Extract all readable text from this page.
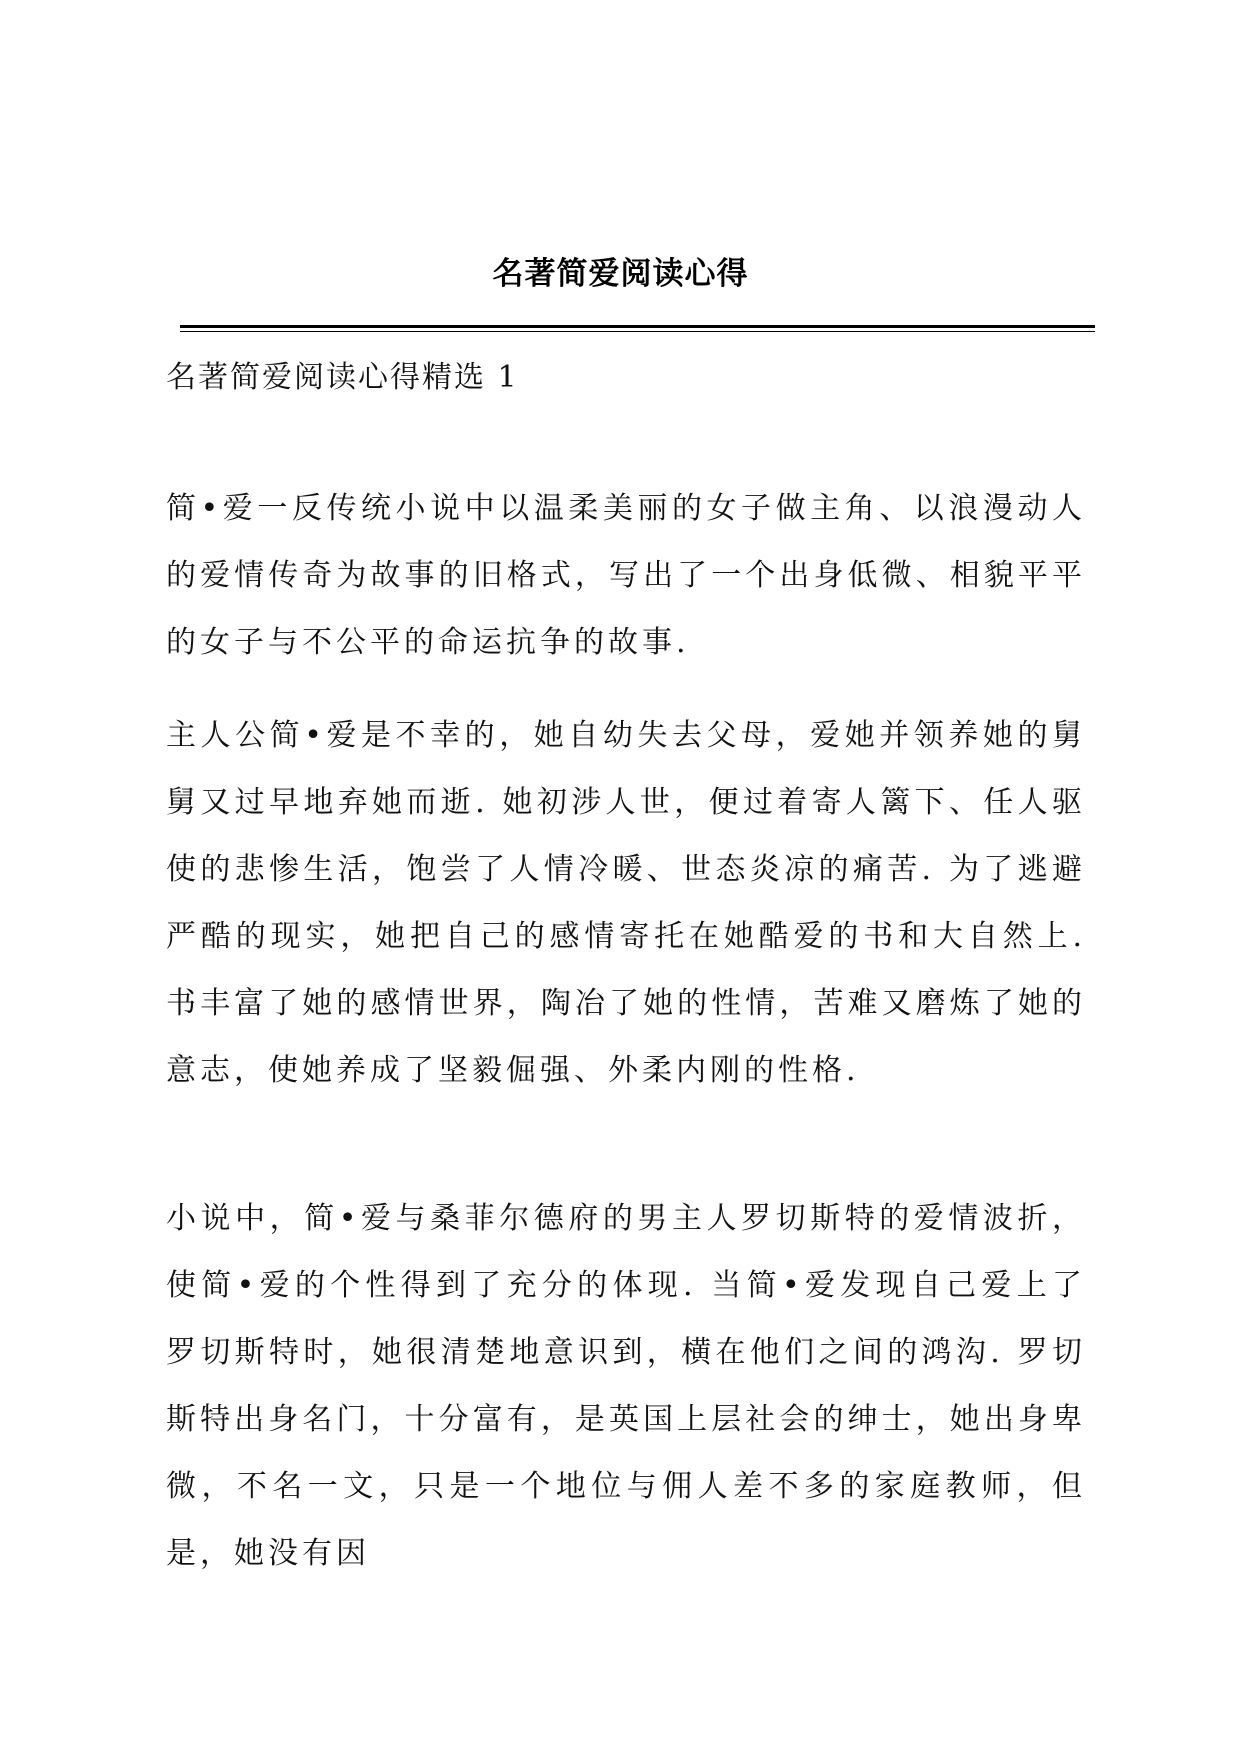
名著简爱阅读心得
名著简爱阅读心得精选 1

简•爱一反传统小说中以温柔美丽的女子做主角、以浪漫动人的爱情传奇为故事的旧格式，写出了一个出身低微、相貌平平的女子与不公平的命运抗争的故事.

主人公简•爱是不幸的，她自幼失去父母，爱她并领养她的舅舅又过早地弃她而逝. 她初涉人世，便过着寄人篱下、任人驱使的悲惨生活，饱尝了人情冷暖、世态炎凉的痛苦. 为了逃避严酷的现实，她把自己的感情寄托在她酷爱的书和大自然上. 书丰富了她的感情世界，陶冶了她的性情，苦难又磨炼了她的意志，使她养成了坚毅倔强、外柔内刚的性格.

小说中，简•爱与桑菲尔德府的男主人罗切斯特的爱情波折，使简•爱的个性得到了充分的体现. 当简•爱发现自己爱上了罗切斯特时，她很清楚地意识到，横在他们之间的鸿沟. 罗切斯特出身名门，十分富有，是英国上层社会的绅士，她出身卑微，不名一文，只是一个地位与佣人差不多的家庭教师，但是，她没有因
